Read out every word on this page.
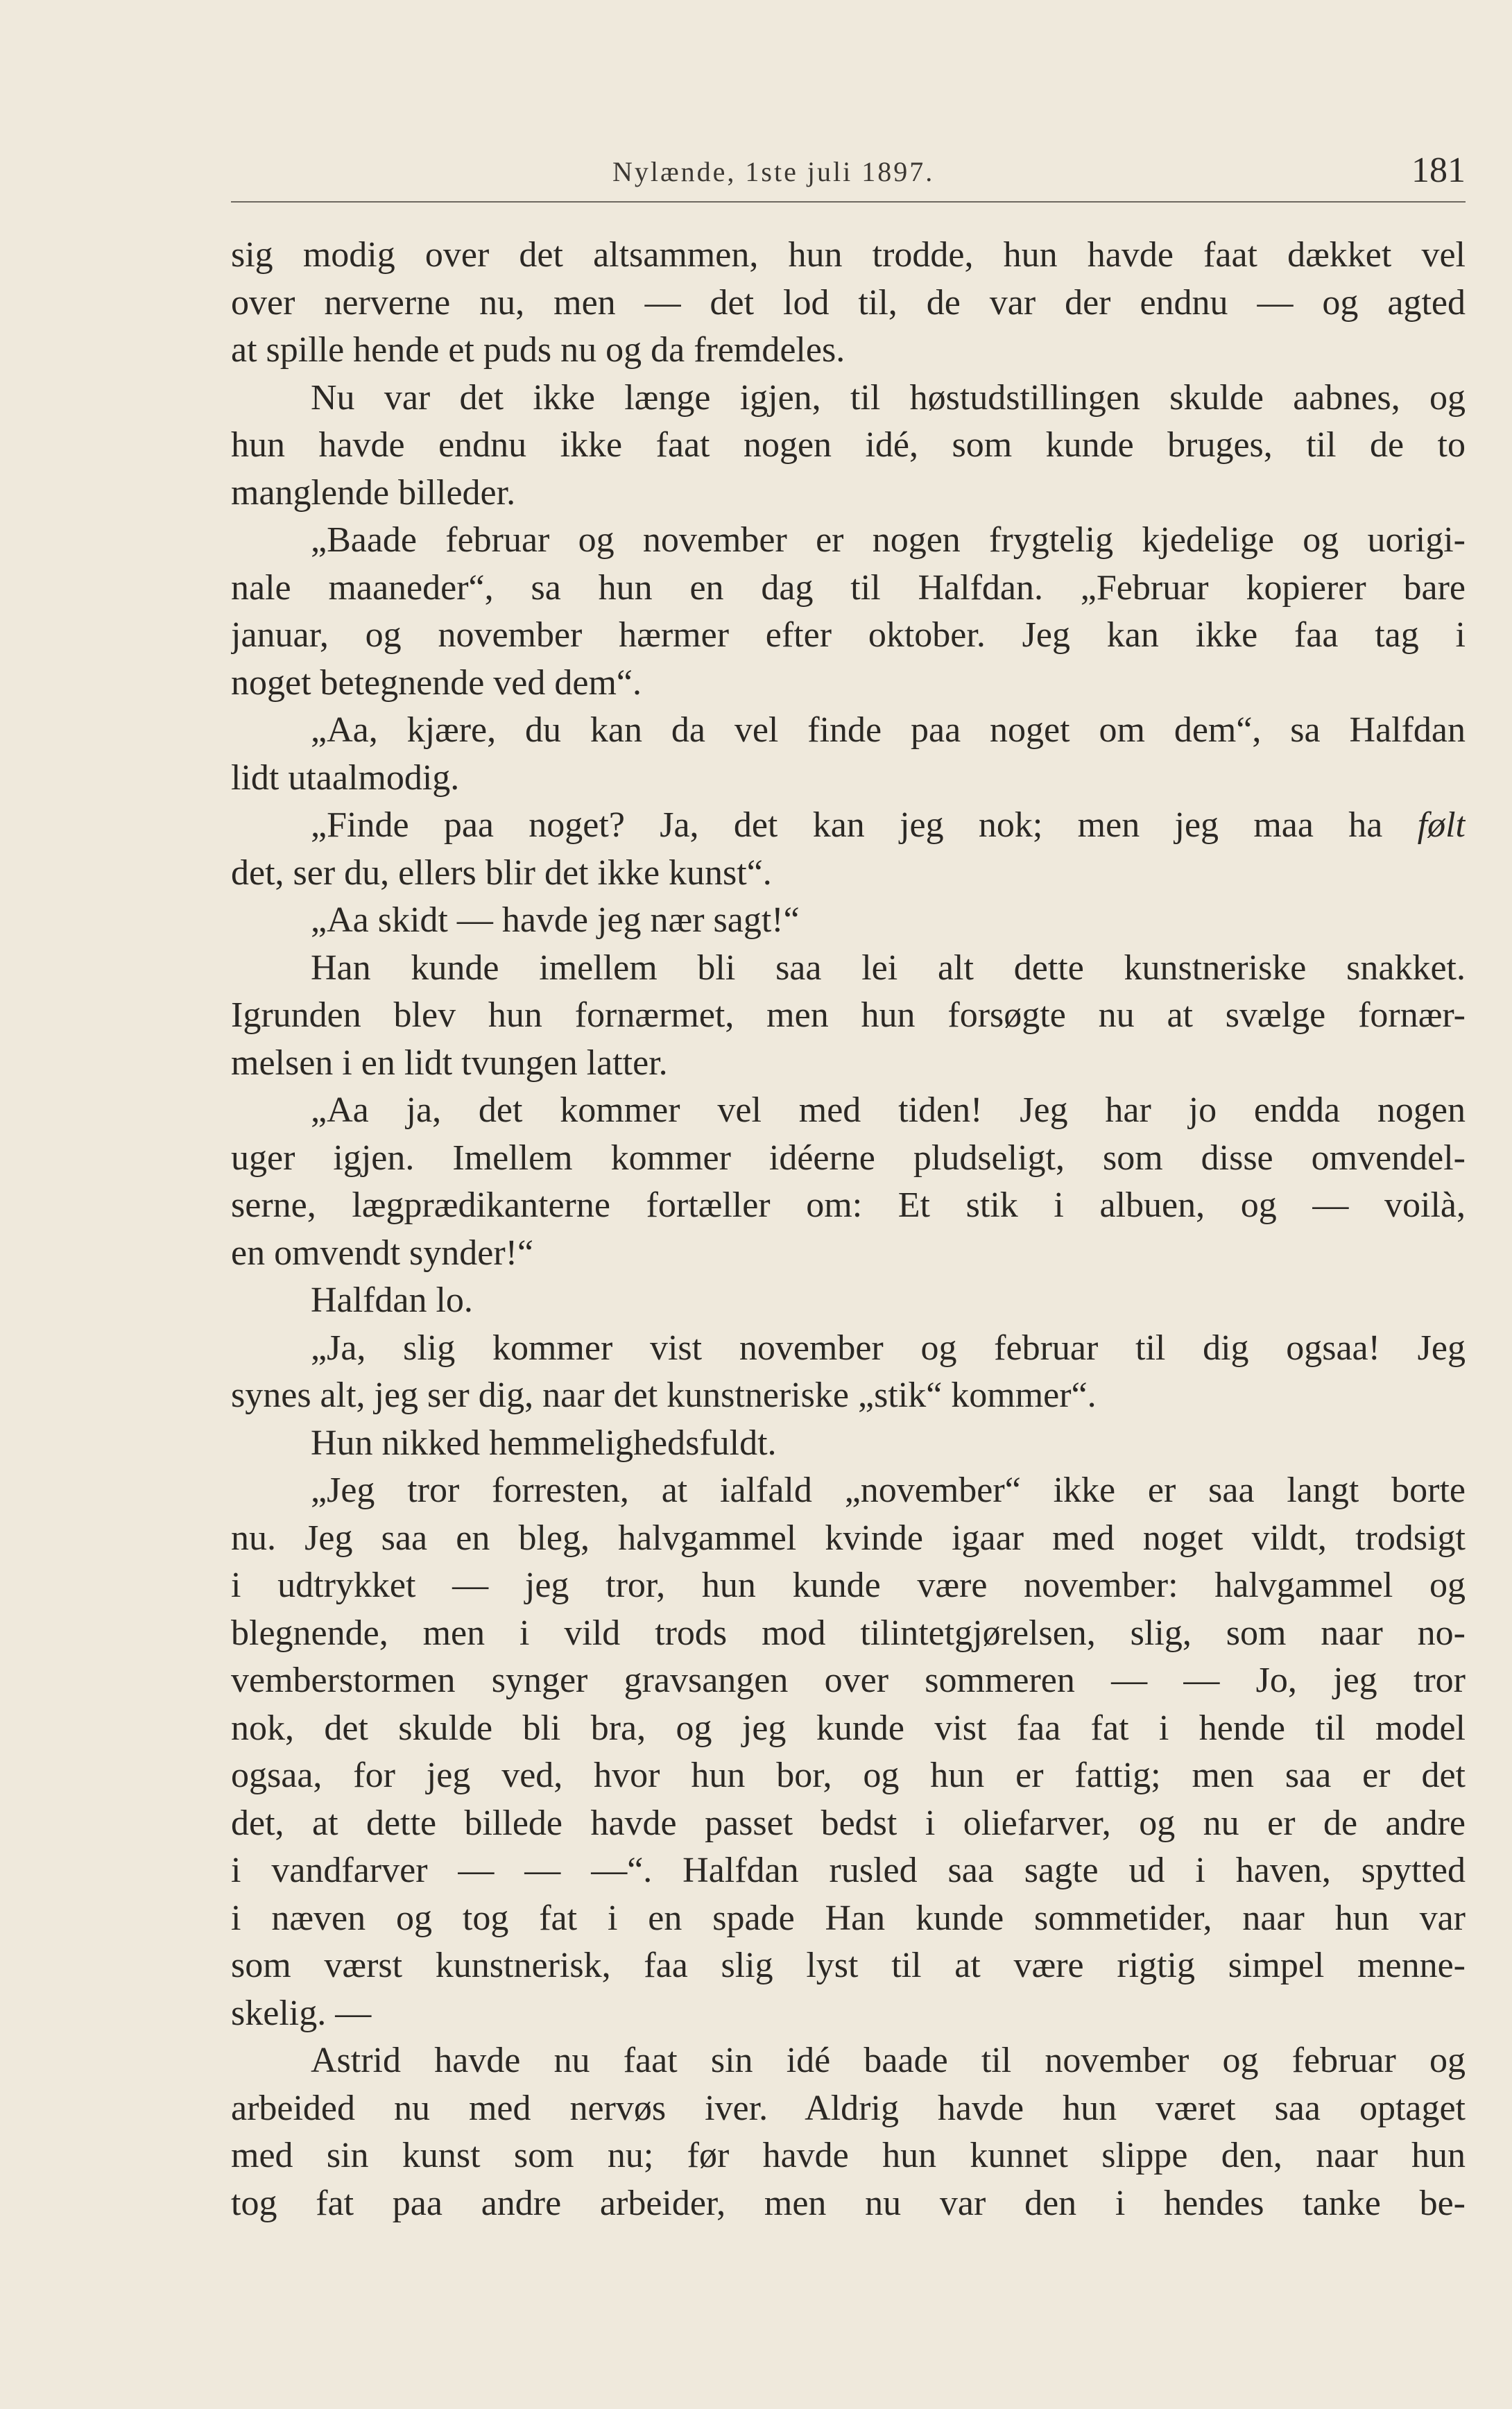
Nylænde, 1ste juli 1897.	181
sig modig over det altsammen, hun trodde, hun havde faat dækket vel
over nerverne nu, men — det lod til, de var der endnu — og agted
at spille hende et puds nu og da fremdeles.
Nu var det ikke længe igjen, til høstudstillingen skulde aabnes, og
hun havde endnu ikke faat nogen idé, som kunde bruges, til de to
manglende billeder.
„Baade februar og november er nogen frygtelig kjedelige og uorigi-
nale maaneder“, sa hun en dag til Halfdan. „Februar kopierer bare
januar, og november hærmer efter oktober. Jeg kan ikke faa tag i
noget betegnende ved dem“.
„Aa, kjære, du kan da vel finde paa noget om dem“, sa Halfdan
lidt utaalmodig.
„Finde paa noget? Ja, det kan jeg nok; men jeg maa ha følt
det, ser du, ellers blir det ikke kunst“.
„Aa skidt — havde jeg nær sagt!“
Han kunde imellem bli saa lei alt dette kunstneriske snakket.
Igrunden blev hun fornærmet, men hun forsøgte nu at svælge fornær-
melsen i en lidt tvungen latter.
„Aa ja, det kommer vel med tiden! Jeg har jo endda nogen
uger igjen. Imellem kommer idéerne pludseligt, som disse omvendel-
serne, lægprædikanterne fortæller om: Et stik i albuen, og — voilà,
en omvendt synder!“
Halfdan lo.
„Ja, slig kommer vist november og februar til dig ogsaa! Jeg
synes alt, jeg ser dig, naar det kunstneriske „stik“ kommer“.
Hun nikked hemmelighedsfuldt.
„Jeg tror forresten, at ialfald „november“ ikke er saa langt borte
nu. Jeg saa en bleg, halvgammel kvinde igaar med noget vildt, trodsigt
i udtrykket — jeg tror, hun kunde være november: halvgammel og
blegnende, men i vild trods mod tilintetgjørelsen, slig, som naar no-
vemberstormen synger gravsangen over sommeren — — Jo, jeg tror
nok, det skulde bli bra, og jeg kunde vist faa fat i hende til model
ogsaa, for jeg ved, hvor hun bor, og hun er fattig; men saa er det
det, at dette billede havde passet bedst i oliefarver, og nu er de andre
i vandfarver — — —“. Halfdan rusled saa sagte ud i haven, spytted
i næven og tog fat i en spade Han kunde sommetider, naar hun var
som værst kunstnerisk, faa slig lyst til at være rigtig simpel menne-
skelig. —
Astrid havde nu faat sin idé baade til november og februar og
arbeided nu med nervøs iver. Aldrig havde hun været saa optaget
med sin kunst som nu; før havde hun kunnet slippe den, naar hun
tog fat paa andre arbeider, men nu var den i hendes tanke be-
